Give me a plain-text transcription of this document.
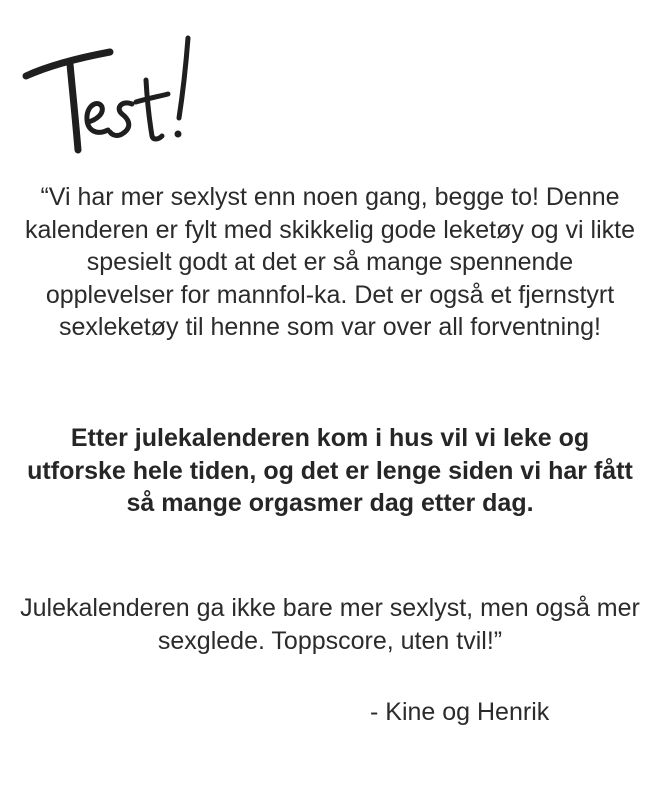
“Vi har mer sexlyst enn noen gang, begge to! Denne kalenderen er fylt med skikkelig gode leketøy og vi likte spesielt godt at det er så mange spennende opplevelser for mannfol-ka. Det er også et fjernstyrt sexleketøy til henne som var over all forventning!

Etter julekalenderen kom i hus vil vi leke og utforske hele tiden, og det er lenge siden vi har fått så mange orgasmer dag etter dag.

Julekalenderen ga ikke bare mer sexlyst, men også mer sexglede. Toppscore, uten tvil!”

- Kine og Henrik
